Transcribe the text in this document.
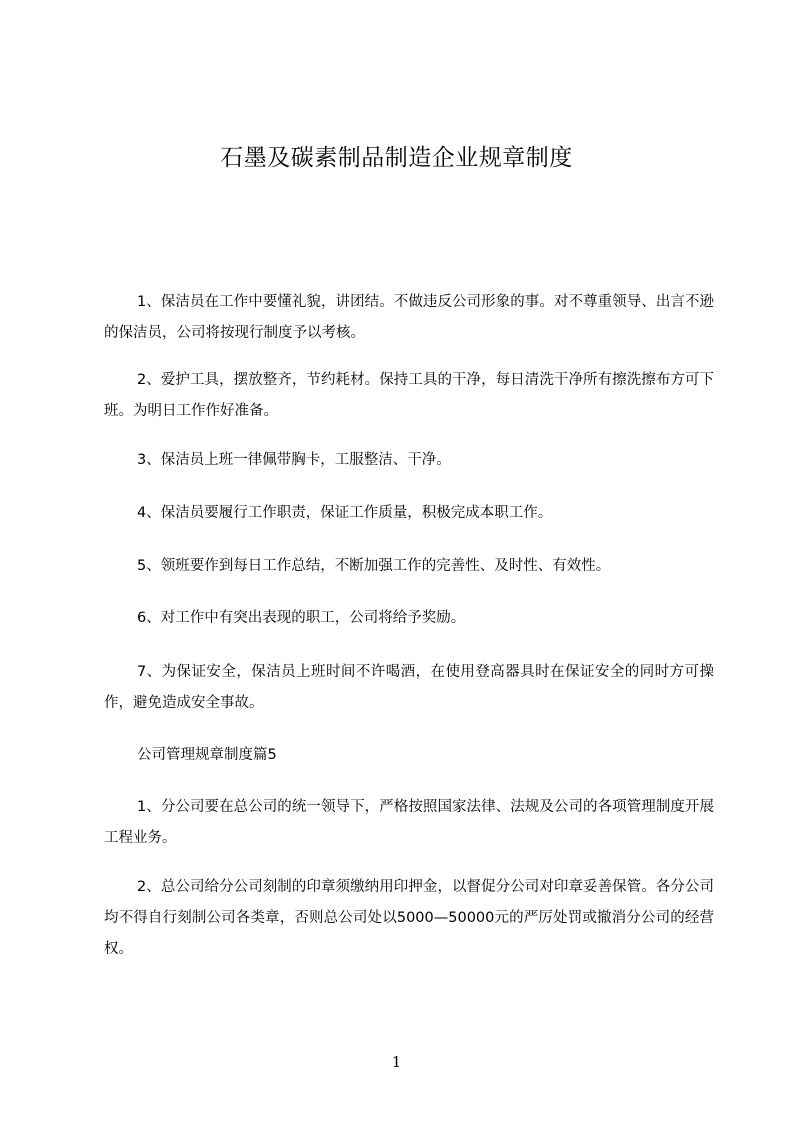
石墨及碳素制品制造企业规章制度
1、保洁员在工作中要懂礼貌，讲团结。不做违反公司形象的事。对不尊重领导、出言不逊的保洁员，公司将按现行制度予以考核。
2、爱护工具，摆放整齐，节约耗材。保持工具的干净，每日清洗干净所有擦洗擦布方可下班。为明日工作作好准备。
3、保洁员上班一律佩带胸卡，工服整洁、干净。
4、保洁员要履行工作职责，保证工作质量，积极完成本职工作。
5、领班要作到每日工作总结，不断加强工作的完善性、及时性、有效性。
6、对工作中有突出表现的职工，公司将给予奖励。
7、为保证安全，保洁员上班时间不许喝酒，在使用登高器具时在保证安全的同时方可操作，避免造成安全事故。
公司管理规章制度篇5
1、分公司要在总公司的统一领导下，严格按照国家法律、法规及公司的各项管理制度开展工程业务。
2、总公司给分公司刻制的印章须缴纳用印押金，以督促分公司对印章妥善保管。各分公司均不得自行刻制公司各类章，否则总公司处以5000—50000元的严厉处罚或撤消分公司的经营权。
1
